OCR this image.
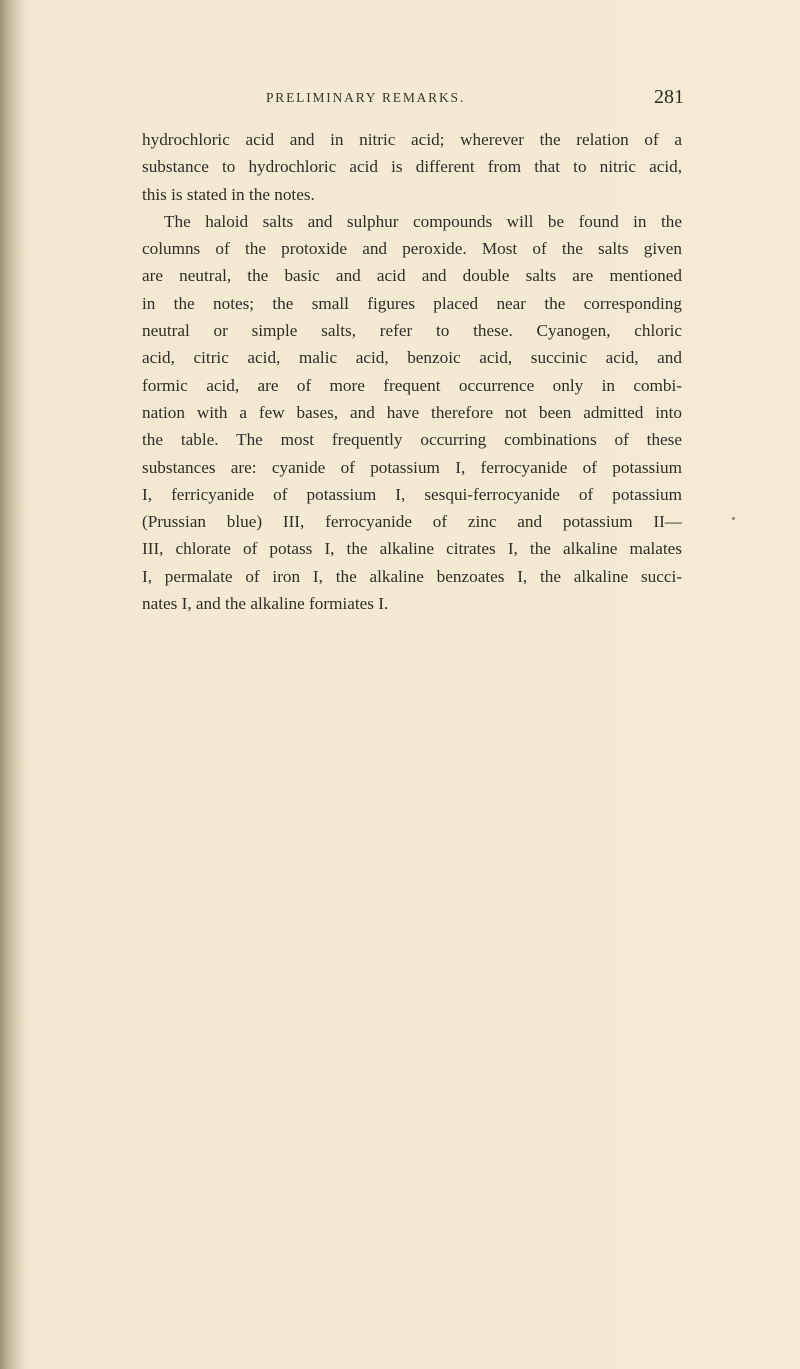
PRELIMINARY REMARKS.	281
hydrochloric acid and in nitric acid; wherever the relation of a
substance to hydrochloric acid is different from that to nitric acid,
this is stated in the notes.
The haloid salts and sulphur compounds will be found in the
columns of the protoxide and peroxide. Most of the salts given
are neutral, the basic and acid and double salts are mentioned
in the notes; the small figures placed near the corresponding
neutral or simple salts, refer to these. Cyanogen, chloric
acid, citric acid, malic acid, benzoic acid, succinic acid, and
formic acid, are of more frequent occurrence only in combi-
nation with a few bases, and have therefore not been admitted into
the table. The most frequently occurring combinations of these
substances are: cyanide of potassium I, ferrocyanide of potassium
I, ferricyanide of potassium I, sesqui-ferrocyanide of potassium
(Prussian blue) III, ferrocyanide of zinc and potassium II—
III, chlorate of potass I, the alkaline citrates I, the alkaline malates
I, permalate of iron I, the alkaline benzoates I, the alkaline succi-
nates I, and the alkaline formiates I.
